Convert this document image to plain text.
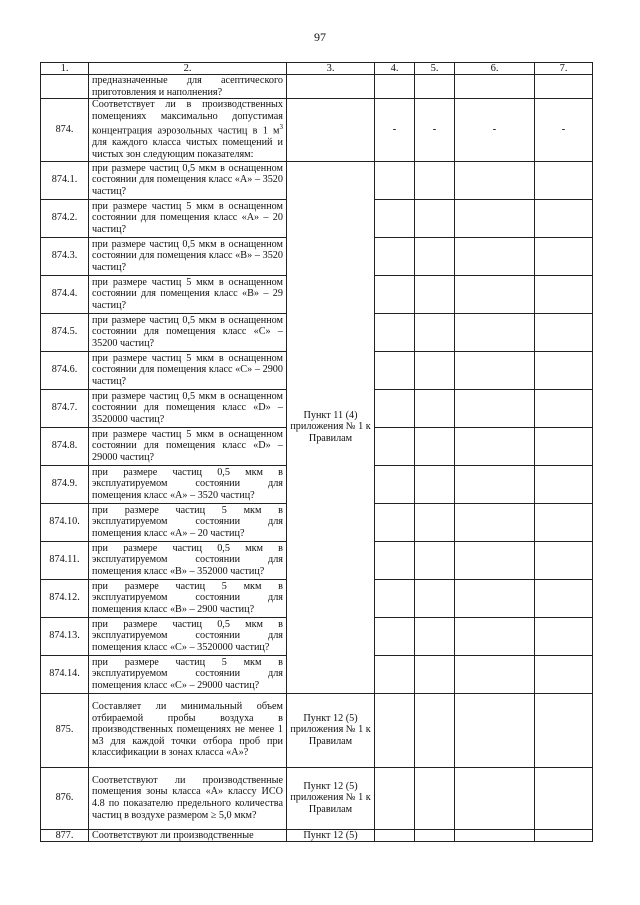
97
1.	2.	3.	4.	5.	6.	7.
	предназначенные для асептического приготовления и наполнения?					
874.	Соответствует ли в производственных помещениях максимально допустимая концентрация аэрозольных частиц в 1 $м^3$ для каждого класса чистых помещений и чистых зон следующим показателям:		-	-	-	-
874.1.	при размере частиц 0,5 мкм в оснащенном состоянии для помещения класс «А» – 3520 частиц?	Пункт 11 (4) приложения № 1 к Правилам				
874.2.	при размере частиц 5 мкм в оснащенном состоянии для помещения класс «А» – 20 частиц?					
874.3.	при размере частиц 0,5 мкм в оснащенном состоянии для помещения класс «В» – 3520 частиц?					
874.4.	при размере частиц 5 мкм в оснащенном состоянии для помещения класс «В» – 29 частиц?					
874.5.	при размере частиц 0,5 мкм в оснащенном состоянии для помещения класс «С» – 35200 частиц?					
874.6.	при размере частиц 5 мкм в оснащенном состоянии для помещения класс «С» – 2900 частиц?					
874.7.	при размере частиц 0,5 мкм в оснащенном состоянии для помещения класс «D» – 3520000 частиц?					
874.8.	при размере частиц 5 мкм в оснащенном состоянии для помещения класс «D» – 29000 частиц?					
874.9.	при размере частиц 0,5 мкм в эксплуатируемом состоянии для помещения класс «А» – 3520 частиц?					
874.10.	при размере частиц 5 мкм в эксплуатируемом состоянии для помещения класс «А» – 20 частиц?					
874.11.	при размере частиц 0,5 мкм в эксплуатируемом состоянии для помещения класс «В» – 352000 частиц?					
874.12.	при размере частиц 5 мкм в эксплуатируемом состоянии для помещения класс «В» – 2900 частиц?					
874.13.	при размере частиц 0,5 мкм в эксплуатируемом состоянии для помещения класс «С» – 3520000 частиц?					
874.14.	при размере частиц 5 мкм в эксплуатируемом состоянии для помещения класс «С» – 29000 частиц?					
875.	Составляет ли минимальный объем отбираемой пробы воздуха в производственных помещениях не менее 1 м3 для каждой точки отбора проб при классификации в зонах класса «А»?	Пункт 12 (5) приложения № 1 к Правилам				
876.	Соответствуют ли производственные помещения зоны класса «А» классу ИСО 4.8 по показателю предельного количества частиц в воздухе размером ≥ 5,0 мкм?	Пункт 12 (5) приложения № 1 к Правилам				
877.	Соответствуют ли производственные	Пункт 12 (5)				
